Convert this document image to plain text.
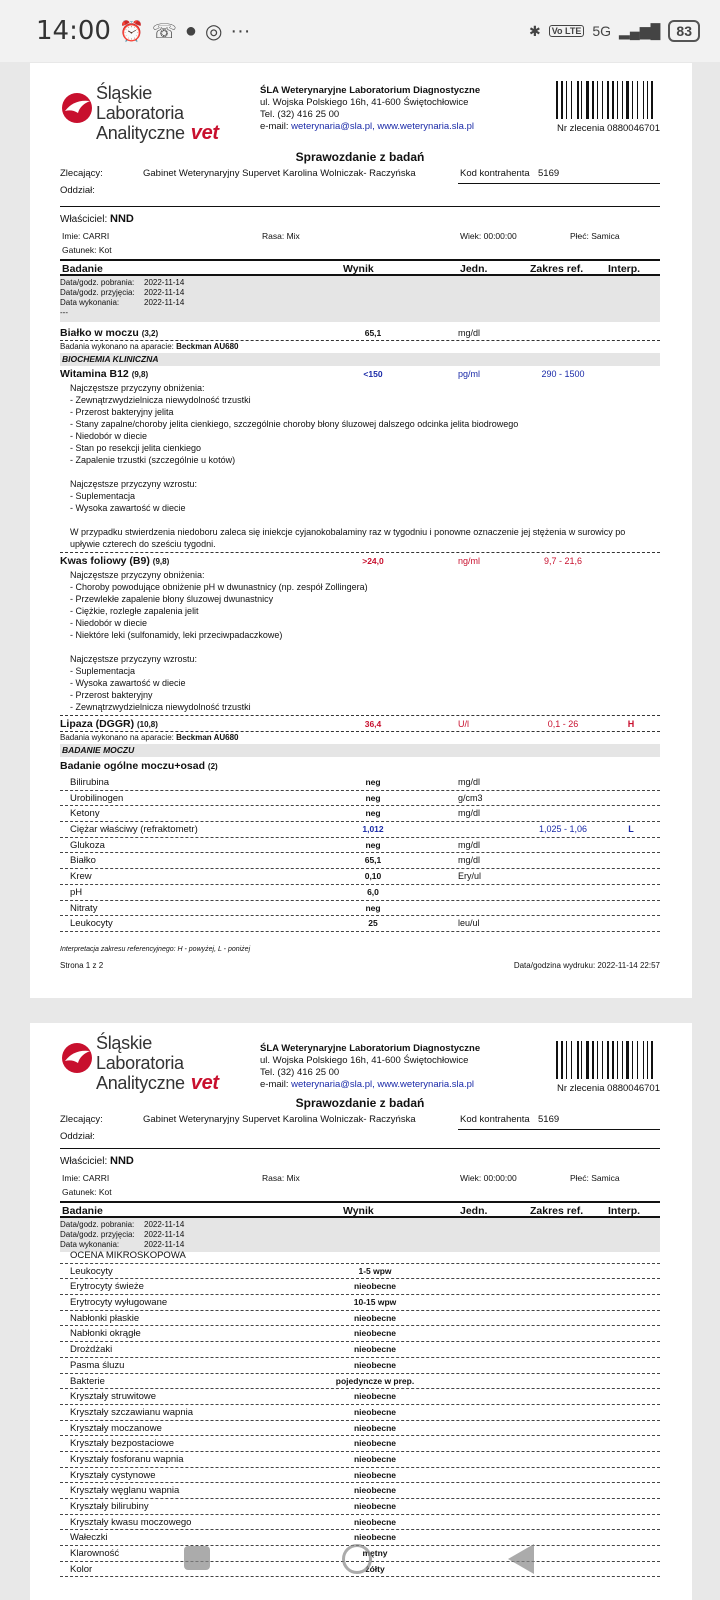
14:00 ⏰ ☏ ● ◎ ···	✱	Vo LTE 5G ▂▄▆█	83
Śląskie Laboratoria
Analityczne vet
ŚLA Weterynaryjne Laboratorium Diagnostyczne
ul. Wojska Polskiego 16h, 41-600 Świętochłowice
Tel. (32) 416 25 00
e-mail: weterynaria@sla.pl, www.weterynaria.sla.pl	Nr zlecenia 0880046701
Sprawozdanie z badań
Zlecający:	Gabinet Weterynaryjny Supervet Karolina Wolniczak- Raczyńska	Kod kontrahenta 5169
Oddział:
Właściciel: NND
Imie: CARRI	Rasa: Mix	Wiek: 00:00:00	Płeć: Samica
Gatunek: Kot
Badanie	Wynik	Jedn.	Zakres ref. Interp.
Data/godz. pobrania: 2022-11-14
Data/godz. przyjęcia: 2022-11-14
Data wykonania:	2022-11-14
---
Białko w moczu (3,2)	65,1	mg/dl
Badania wykonano na aparacie: Beckman AU680
BIOCHEMIA KLINICZNA
Witamina B12 (9,8)	<150	pg/ml	290 - 1500
Najczęstsze przyczyny obniżenia:
- Zewnątrzwydzielnicza niewydolność trzustki
- Przerost bakteryjny jelita
- Stany zapalne/choroby jelita cienkiego, szczególnie choroby błony śluzowej dalszego odcinka jelita biodrowego
- Niedobór w diecie
- Stan po resekcji jelita cienkiego
- Zapalenie trzustki (szczególnie u kotów)
Najczęstsze przyczyny wzrostu:
- Suplementacja
- Wysoka zawartość w diecie
W przypadku stwierdzenia niedoboru zaleca się iniekcje cyjanokobalaminy raz w tygodniu i ponowne oznaczenie jej stężenia w surowicy po
upływie czterech do sześciu tygodni.
Kwas foliowy (B9) (9,8)	>24,0	ng/ml	9,7 - 21,6
Najczęstsze przyczyny obniżenia:
- Choroby powodujące obniżenie pH w dwunastnicy (np. zespół Zollingera)
- Przewlekłe zapalenie błony śluzowej dwunastnicy
- Ciężkie, rozległe zapalenia jelit
- Niedobór w diecie
- Niektóre leki (sulfonamidy, leki przeciwpadaczkowe)
Najczęstsze przyczyny wzrostu:
- Suplementacja
- Wysoka zawartość w diecie
- Przerost bakteryjny
- Zewnątrzwydzielnicza niewydolność trzustki
Lipaza (DGGR) (10,8)	36,4	U/l	0,1 - 26	H
Badania wykonano na aparacie: Beckman AU680
BADANIE MOCZU
Badanie ogólne moczu+osad (2)
Bilirubina	neg	mg/dl
Urobilinogen	neg	g/cm3
Ketony	neg	mg/dl
Ciężar właściwy (refraktometr)	1,012	1,025 - 1,06	L
Glukoza	neg	mg/dl
Białko	65,1	mg/dl
Krew	0,10	Ery/ul
pH	6,0
Nitraty	neg
Leukocyty	25	leu/ul
Interpretacja zakresu referencyjnego: H - powyżej, L - poniżej
Strona 1 z 2	Data/godzina wydruku: 2022-11-14 22:57
Śląskie Laboratoria
Analityczne vet
ŚLA Weterynaryjne Laboratorium Diagnostyczne
ul. Wojska Polskiego 16h, 41-600 Świętochłowice
Tel. (32) 416 25 00
e-mail: weterynaria@sla.pl, www.weterynaria.sla.pl	Nr zlecenia 0880046701
Sprawozdanie z badań
Zlecający:	Gabinet Weterynaryjny Supervet Karolina Wolniczak- Raczyńska	Kod kontrahenta 5169
Oddział:
Właściciel: NND
Imie: CARRI	Rasa: Mix	Wiek: 00:00:00	Płeć: Samica
Gatunek: Kot
Badanie	Wynik	Jedn.	Zakres ref. Interp.
Data/godz. pobrania: 2022-11-14
Data/godz. przyjęcia: 2022-11-14
Data wykonania:	2022-11-14
OCENA MIKROSKOPOWA
Leukocyty	1-5 wpw
Erytrocyty świeże	nieobecne
Erytrocyty wyługowane	10-15 wpw
Nabłonki płaskie	nieobecne
Nabłonki okrągłe	nieobecne
Drożdżaki	nieobecne
Pasma śluzu	nieobecne
Bakterie	pojedyncze w prep.
Kryształy struwitowe	nieobecne
Kryształy szczawianu wapnia	nieobecne
Kryształy moczanowe	nieobecne
Kryształy bezpostaciowe	nieobecne
Kryształy fosforanu wapnia	nieobecne
Kryształy cystynowe	nieobecne
Kryształy węglanu wapnia	nieobecne
Kryształy bilirubiny	nieobecne
Kryształy kwasu moczowego	nieobecne
Wałeczki	nieobecne
Klarowność	mętny
Kolor	żółty
